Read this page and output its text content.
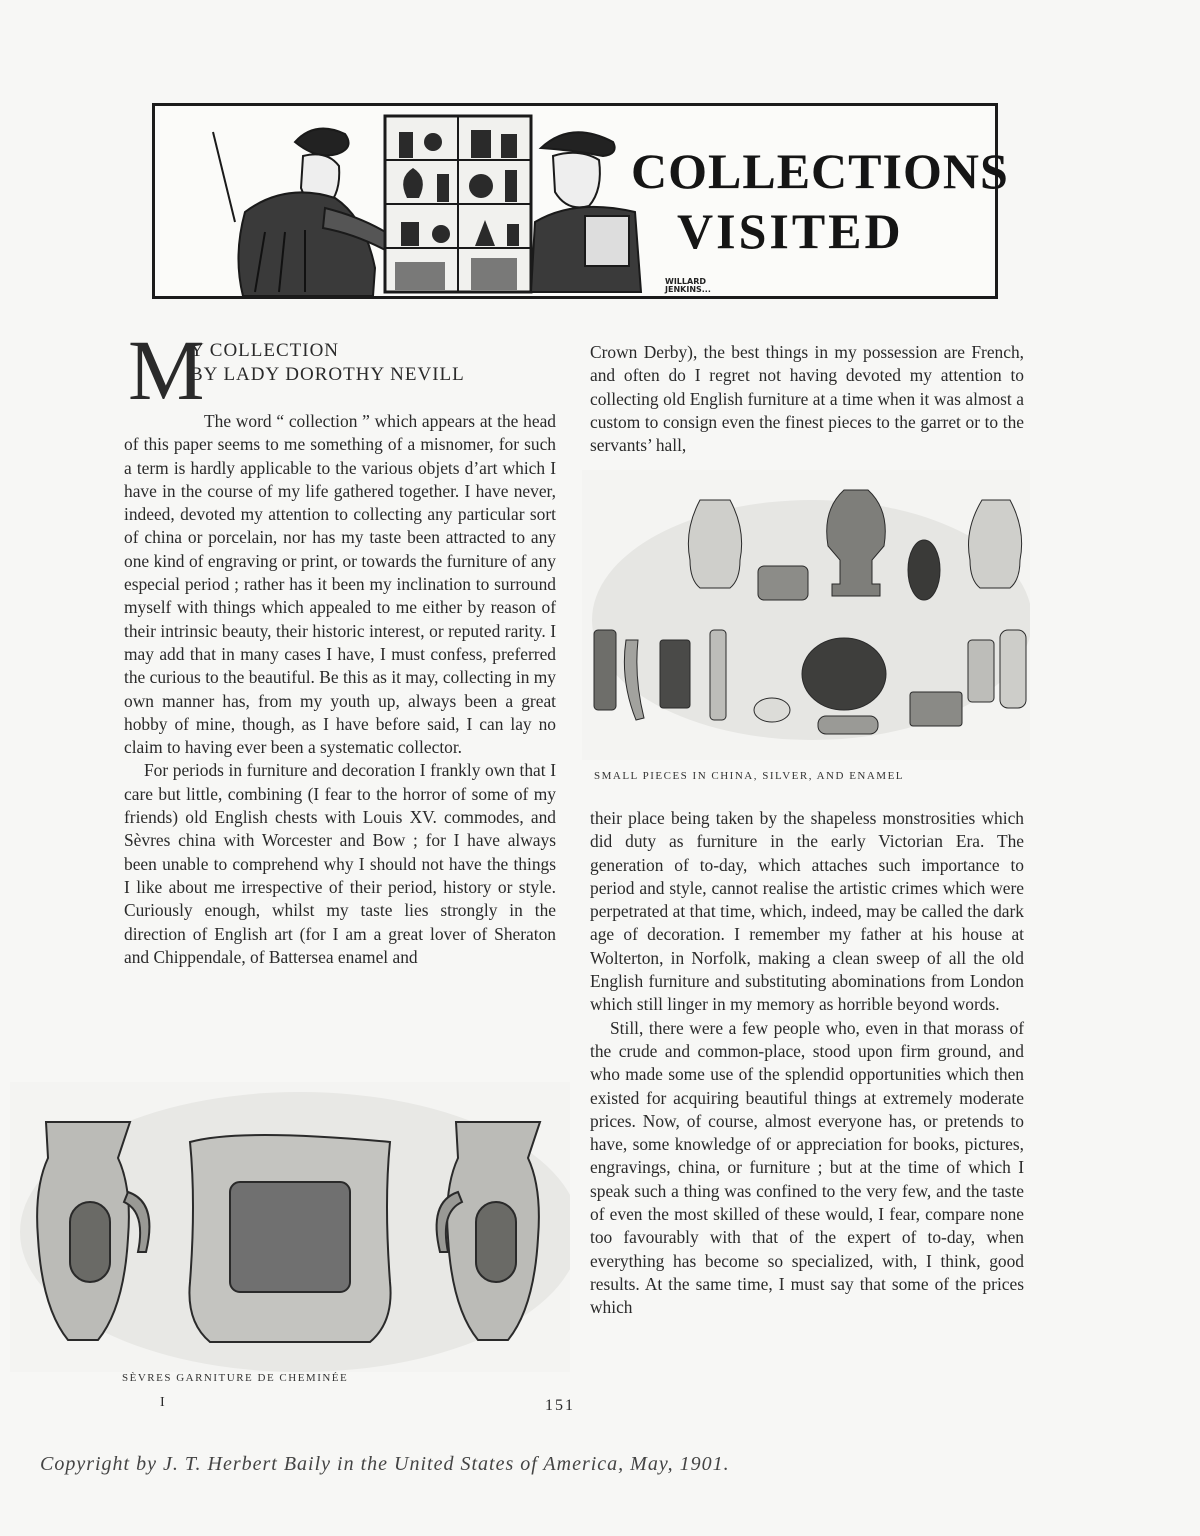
COLLECTIONS
VISITED
WILLARD
JENKINS...
M
Y COLLECTION
BY LADY DOROTHY NEVILL

The word “ collection ” which appears at the head of this paper seems to me something of a misnomer, for such a term is hardly applicable to the various objets d’art which I have in the course of my life gathered together. I have never, indeed, devoted my attention to collecting any particular sort of china or porcelain, nor has my taste been attracted to any one kind of engraving or print, or towards the furniture of any especial period ; rather has it been my inclination to surround myself with things which appealed to me either by reason of their intrinsic beauty, their historic interest, or reputed rarity. I may add that in many cases I have, I must confess, preferred the curious to the beautiful. Be this as it may, collecting in my own manner has, from my youth up, always been a great hobby of mine, though, as I have before said, I can lay no claim to having ever been a systematic collector.

For periods in furniture and decoration I frankly own that I care but little, combining (I fear to the horror of some of my friends) old English chests with Louis XV. commodes, and Sèvres china with Worcester and Bow ; for I have always been unable to comprehend why I should not have the things I like about me irrespective of their period, history or style. Curiously enough, whilst my taste lies strongly in the direction of English art (for I am a great lover of Sheraton and Chippendale, of Battersea enamel and

Crown Derby), the best things in my possession are French, and often do I regret not having devoted my attention to collecting old English furniture at a time when it was almost a custom to consign even the finest pieces to the garret or to the servants’ hall,

SMALL PIECES IN CHINA, SILVER, AND ENAMEL

their place being taken by the shapeless monstrosities which did duty as furniture in the early Victorian Era. The generation of to-day, which attaches such importance to period and style, cannot realise the artistic crimes which were perpetrated at that time, which, indeed, may be called the dark age of decoration. I remember my father at his house at Wolterton, in Norfolk, making a clean sweep of all the old English furniture and substituting abominations from London which still linger in my memory as horrible beyond words.

Still, there were a few people who, even in that morass of the crude and common-place, stood upon firm ground, and who made some use of the splendid opportunities which then existed for acquiring beautiful things at extremely moderate prices. Now, of course, almost everyone has, or pretends to have, some knowledge of or appreciation for books, pictures, engravings, china, or furniture ; but at the time of which I speak such a thing was confined to the very few, and the taste of even the most skilled of these would, I fear, compare none too favourably with that of the expert of to-day, when everything has become so specialized, with, I think, good results. At the same time, I must say that some of the prices which

SÈVRES GARNITURE DE CHEMINÉE
I	151
Copyright by J. T. Herbert Baily in the United States of America, May, 1901.
